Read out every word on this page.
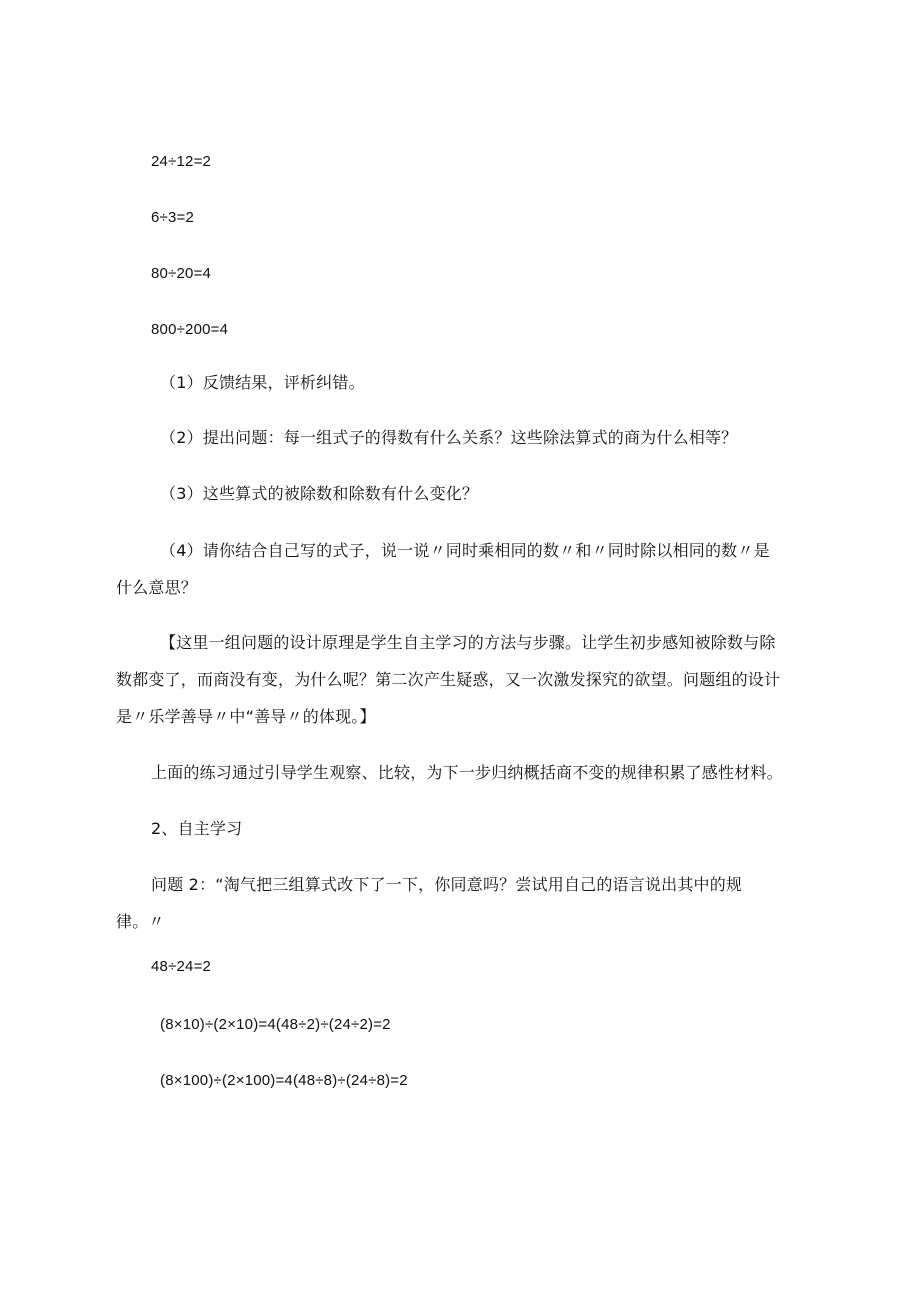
24÷12=2
6÷3=2
80÷20=4
800÷200=4
（1）反馈结果，评析纠错。
（2）提出问题：每一组式子的得数有什么关系？这些除法算式的商为什么相等？
（3）这些算式的被除数和除数有什么变化？
（4）请你结合自己写的式子，说一说〃同时乘相同的数〃和〃同时除以相同的数〃是
什么意思？
【这里一组问题的设计原理是学生自主学习的方法与步骤。让学生初步感知被除数与除
数都变了，而商没有变，为什么呢？第二次产生疑惑，又一次激发探究的欲望。问题组的设计
是〃乐学善导〃中“善导〃的体现。】
上面的练习通过引导学生观察、比较，为下一步归纳概括商不变的规律积累了感性材料。
2、自主学习
问题 2：“淘气把三组算式改下了一下，你同意吗？尝试用自己的语言说出其中的规
律。〃
48÷24=2
(8×10)÷(2×10)=4(48÷2)÷(24÷2)=2
(8×100)÷(2×100)=4(48÷8)÷(24÷8)=2
